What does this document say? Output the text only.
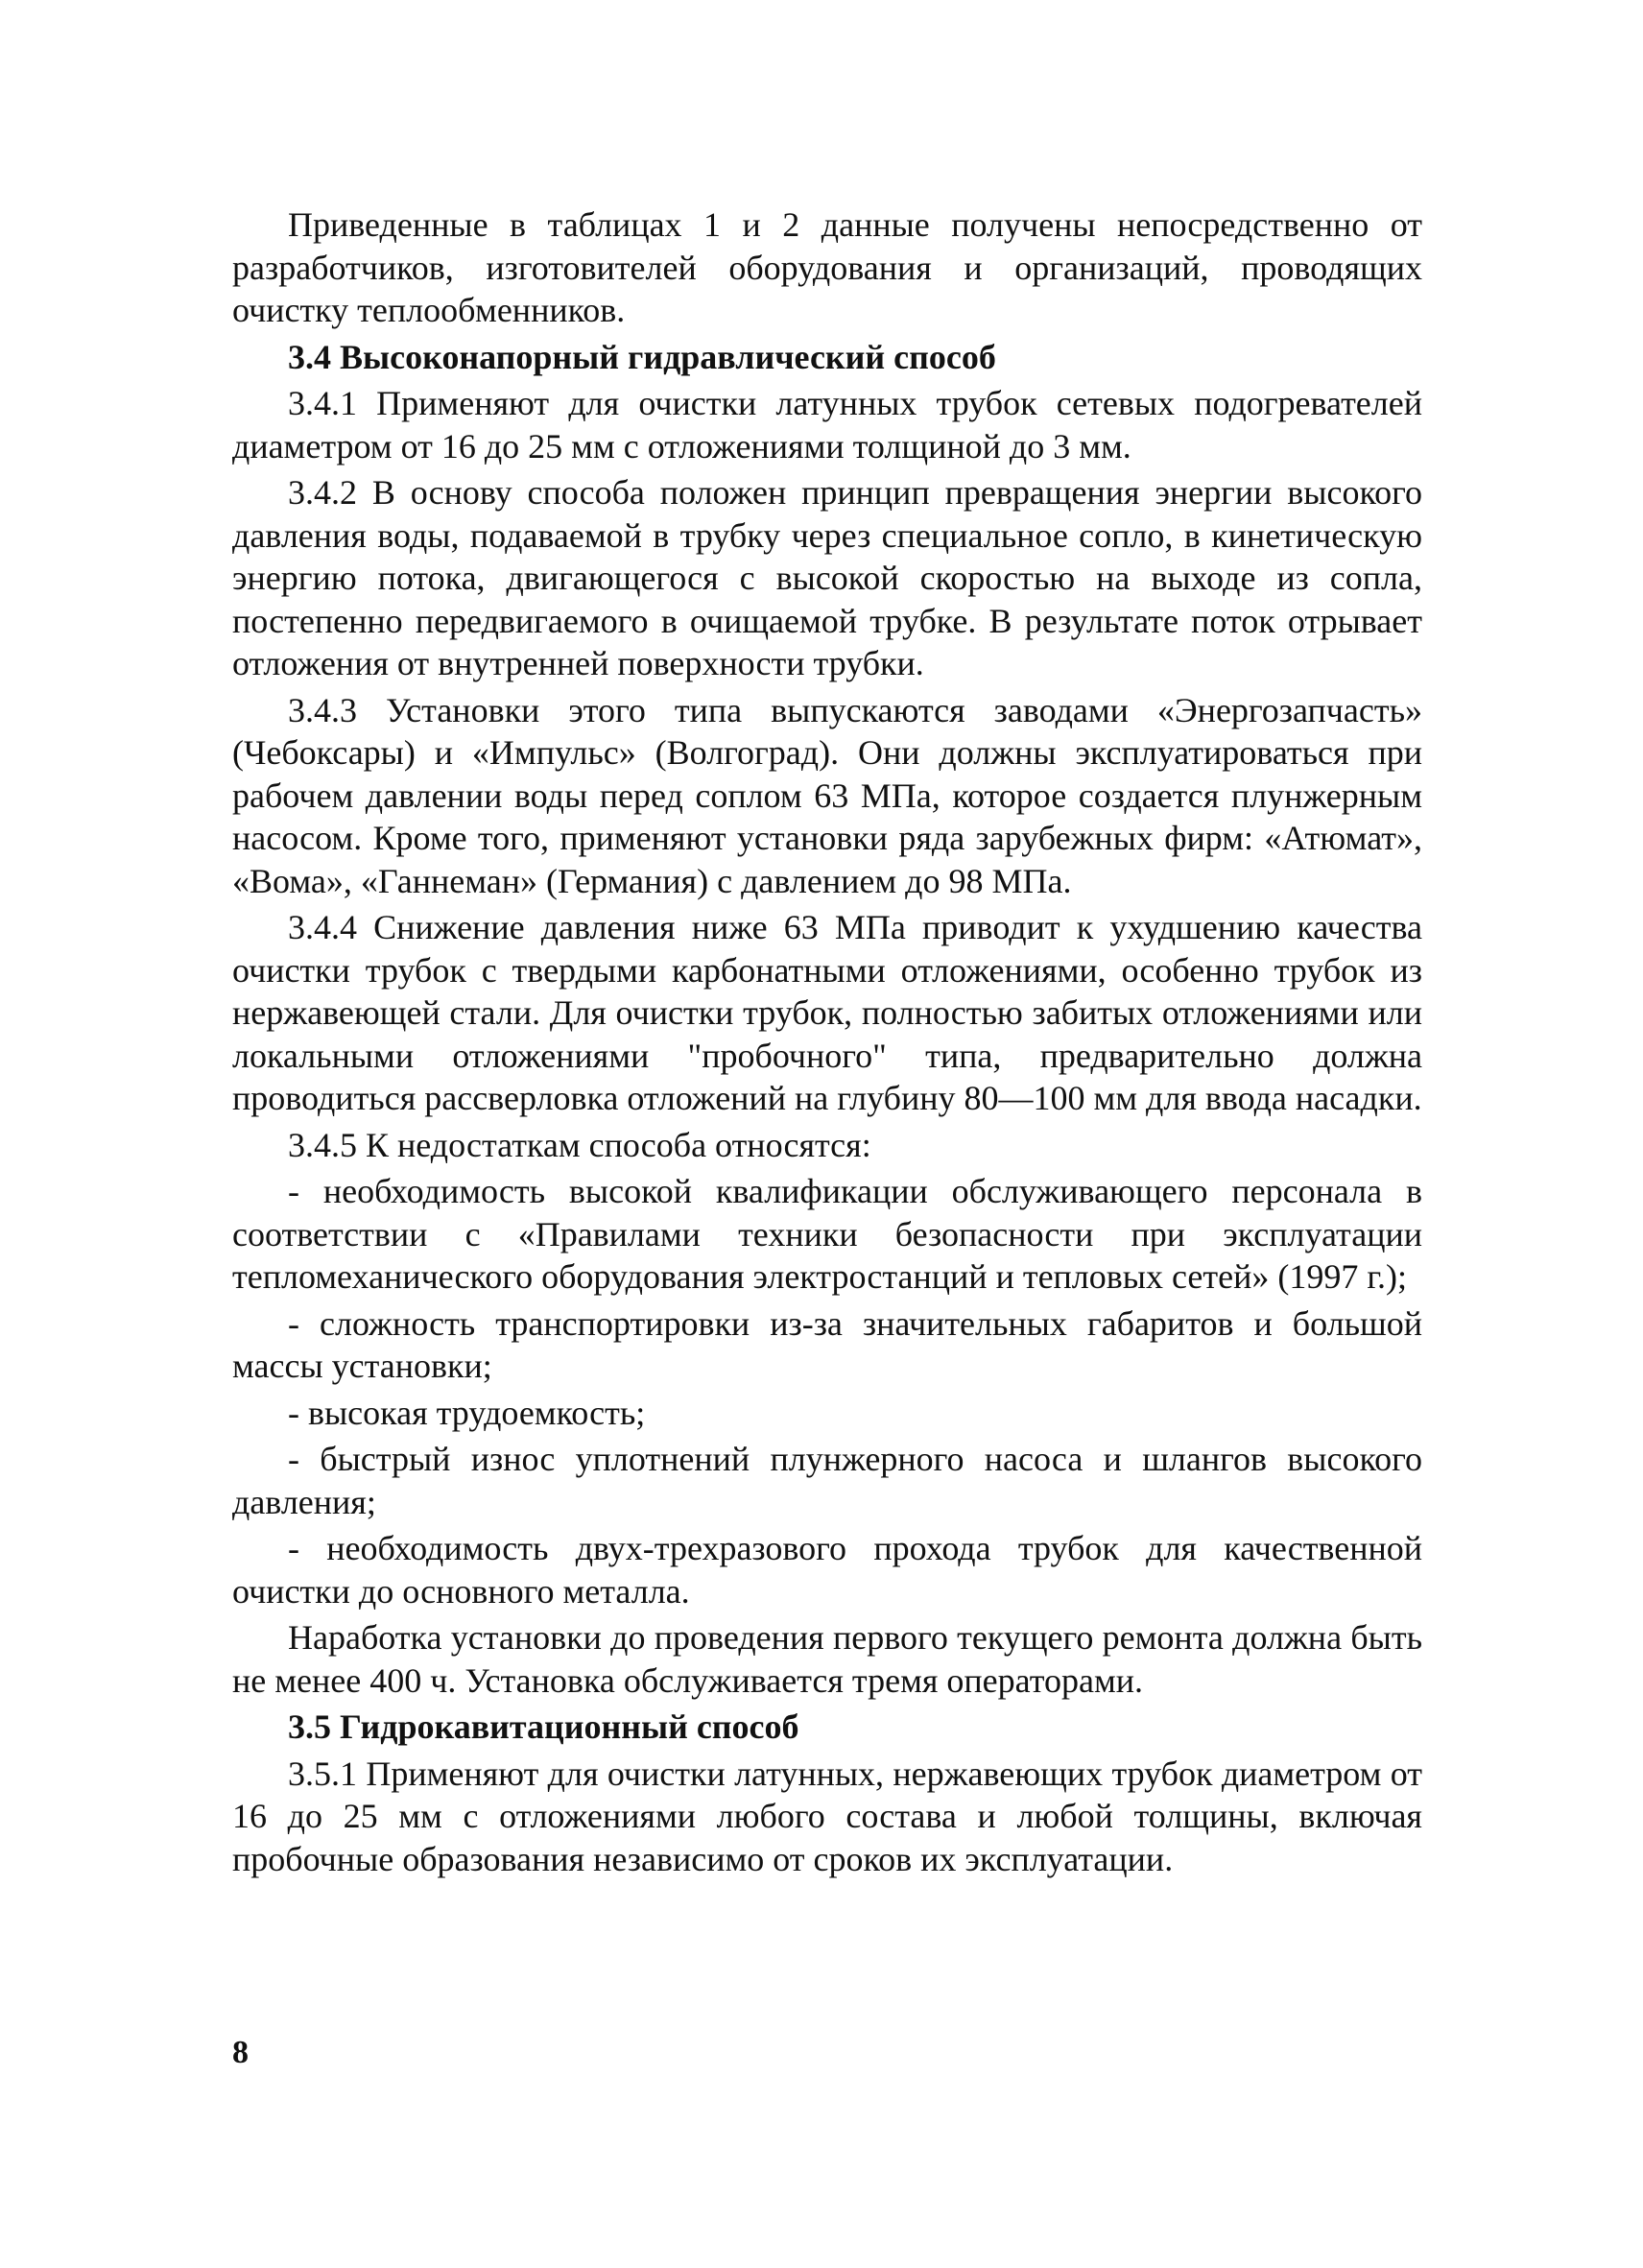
Приведенные в таблицах 1 и 2 данные получены непосредственно от разработчиков, изготовителей оборудования и организаций, проводящих очистку теплообменников.

3.4 Высоконапорный гидравлический способ

3.4.1 Применяют для очистки латунных трубок сетевых подогревателей диаметром от 16 до 25 мм с отложениями толщиной до 3 мм.

3.4.2 В основу способа положен принцип превращения энергии высокого давления воды, подаваемой в трубку через специальное сопло, в кинетическую энергию потока, двигающегося с высокой скоростью на выходе из сопла, постепенно передвигаемого в очищаемой трубке. В результате поток отрывает отложения от внутренней поверхности трубки.

3.4.3 Установки этого типа выпускаются заводами «Энергозапчасть» (Чебоксары) и «Импульс» (Волгоград). Они должны эксплуатироваться при рабочем давлении воды перед соплом 63 МПа, которое создается плунжерным насосом. Кроме того, применяют установки ряда зарубежных фирм: «Атюмат», «Вома», «Ганнеман» (Германия) с давлением до 98 МПа.

3.4.4 Снижение давления ниже 63 МПа приводит к ухудшению качества очистки трубок с твердыми карбонатными отложениями, особенно трубок из нержавеющей стали. Для очистки трубок, полностью забитых отложениями или локальными отложениями "пробочного" типа, предварительно должна проводиться рассверловка отложений на глубину 80—100 мм для ввода насадки.

3.4.5 К недостаткам способа относятся:

- необходимость высокой квалификации обслуживающего персонала в соответствии с «Правилами техники безопасности при эксплуатации тепломеханического оборудования электростанций и тепловых сетей» (1997 г.);

- сложность транспортировки из-за значительных габаритов и большой массы установки;

- высокая трудоемкость;

- быстрый износ уплотнений плунжерного насоса и шлангов высокого давления;

- необходимость двух-трехразового прохода трубок для качественной очистки до основного металла.

Наработка установки до проведения первого текущего ремонта должна быть не менее 400 ч. Установка обслуживается тремя операторами.

3.5 Гидрокавитационный способ

3.5.1 Применяют для очистки латунных, нержавеющих трубок диаметром от 16 до 25 мм с отложениями любого состава и любой толщины, включая пробочные образования независимо от сроков их эксплуатации.

8
